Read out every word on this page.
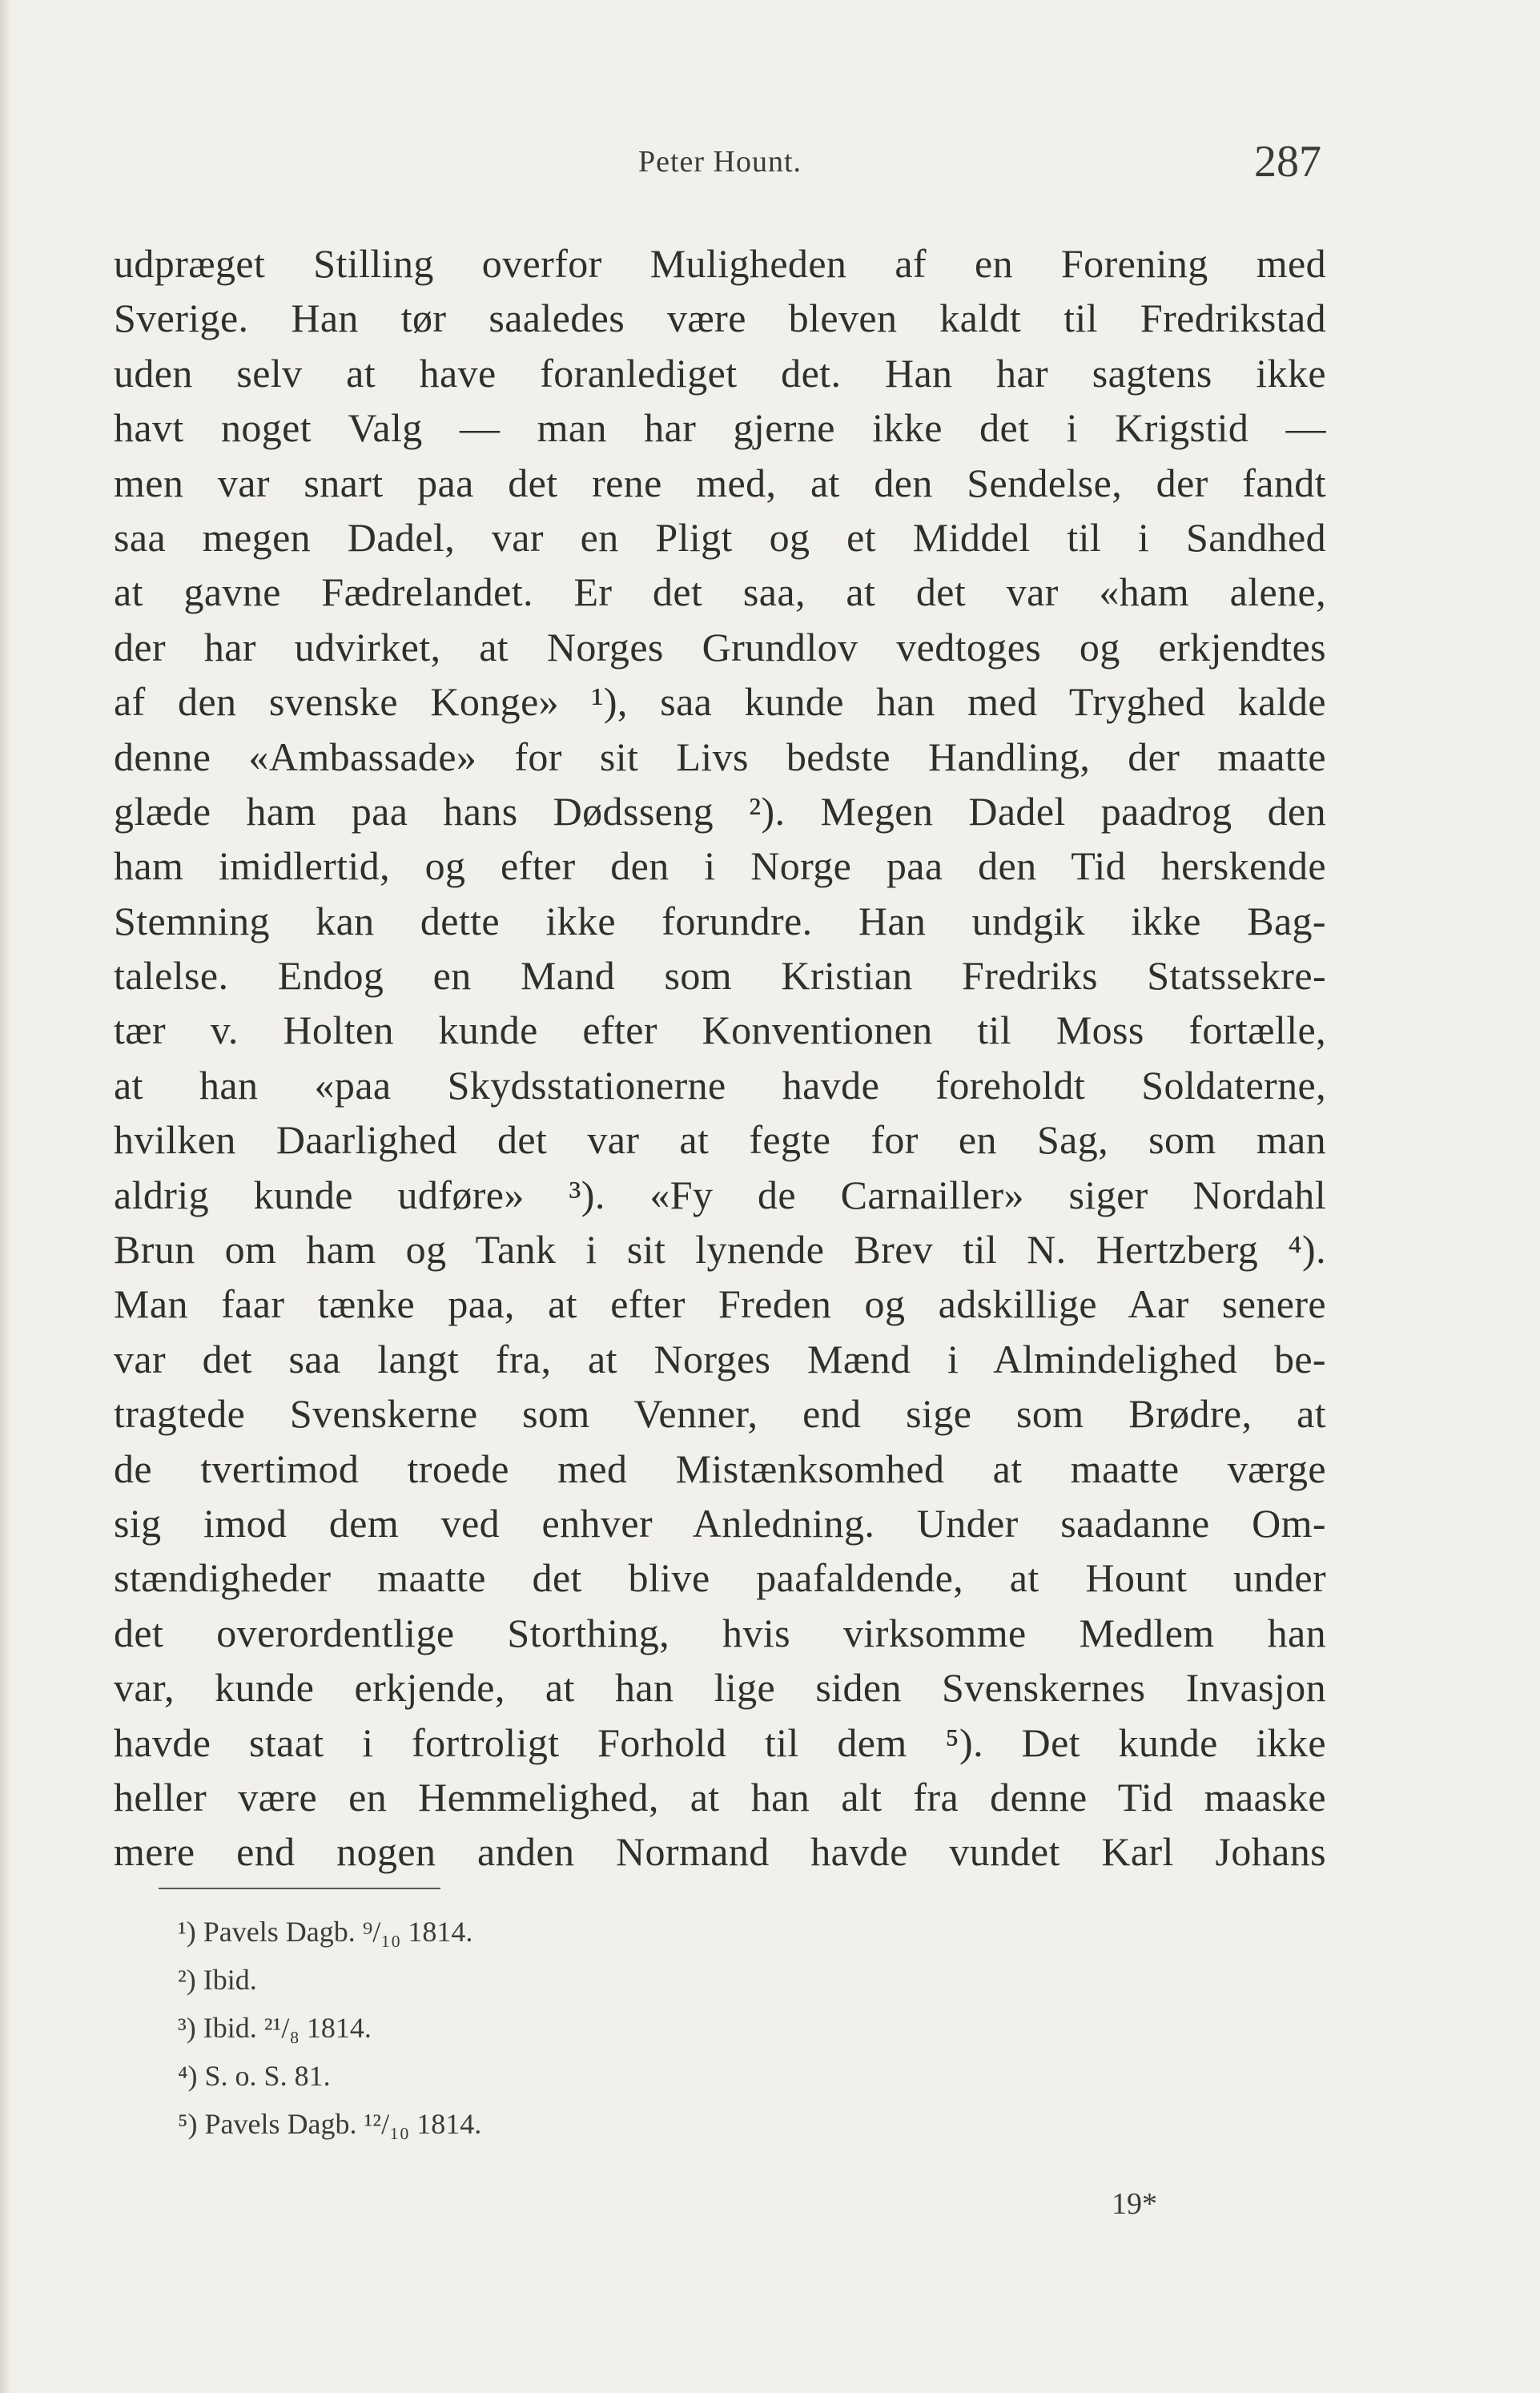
Peter Hount.	287
udpræget Stilling overfor Muligheden af en Forening med
Sverige. Han tør saaledes være bleven kaldt til Fredrikstad
uden selv at have foranlediget det. Han har sagtens ikke
havt noget Valg — man har gjerne ikke det i Krigstid —
men var snart paa det rene med, at den Sendelse, der fandt
saa megen Dadel, var en Pligt og et Middel til i Sandhed
at gavne Fædrelandet. Er det saa, at det var «ham alene,
der har udvirket, at Norges Grundlov vedtoges og erkjendtes
af den svenske Konge» ¹), saa kunde han med Tryghed kalde
denne «Ambassade» for sit Livs bedste Handling, der maatte
glæde ham paa hans Dødsseng ²). Megen Dadel paadrog den
ham imidlertid, og efter den i Norge paa den Tid herskende
Stemning kan dette ikke forundre. Han undgik ikke Bag-
talelse. Endog en Mand som Kristian Fredriks Statssekre-
tær v. Holten kunde efter Konventionen til Moss fortælle,
at han «paa Skydsstationerne havde foreholdt Soldaterne,
hvilken Daarlighed det var at fegte for en Sag, som man
aldrig kunde udføre» ³). «Fy de Carnailler» siger Nordahl
Brun om ham og Tank i sit lynende Brev til N. Hertzberg ⁴).
Man faar tænke paa, at efter Freden og adskillige Aar senere
var det saa langt fra, at Norges Mænd i Almindelighed be-
tragtede Svenskerne som Venner, end sige som Brødre, at
de tvertimod troede med Mistænksomhed at maatte værge
sig imod dem ved enhver Anledning. Under saadanne Om-
stændigheder maatte det blive paafaldende, at Hount under
det overordentlige Storthing, hvis virksomme Medlem han
var, kunde erkjende, at han lige siden Svenskernes Invasjon
havde staat i fortroligt Forhold til dem ⁵). Det kunde ikke
heller være en Hemmelighed, at han alt fra denne Tid maaske
mere end nogen anden Normand havde vundet Karl Johans
¹) Pavels Dagb. ⁹/₁₀ 1814.
²) Ibid.
³) Ibid. ²¹/₈ 1814.
⁴) S. o. S. 81.
⁵) Pavels Dagb. ¹²/₁₀ 1814.
19*
